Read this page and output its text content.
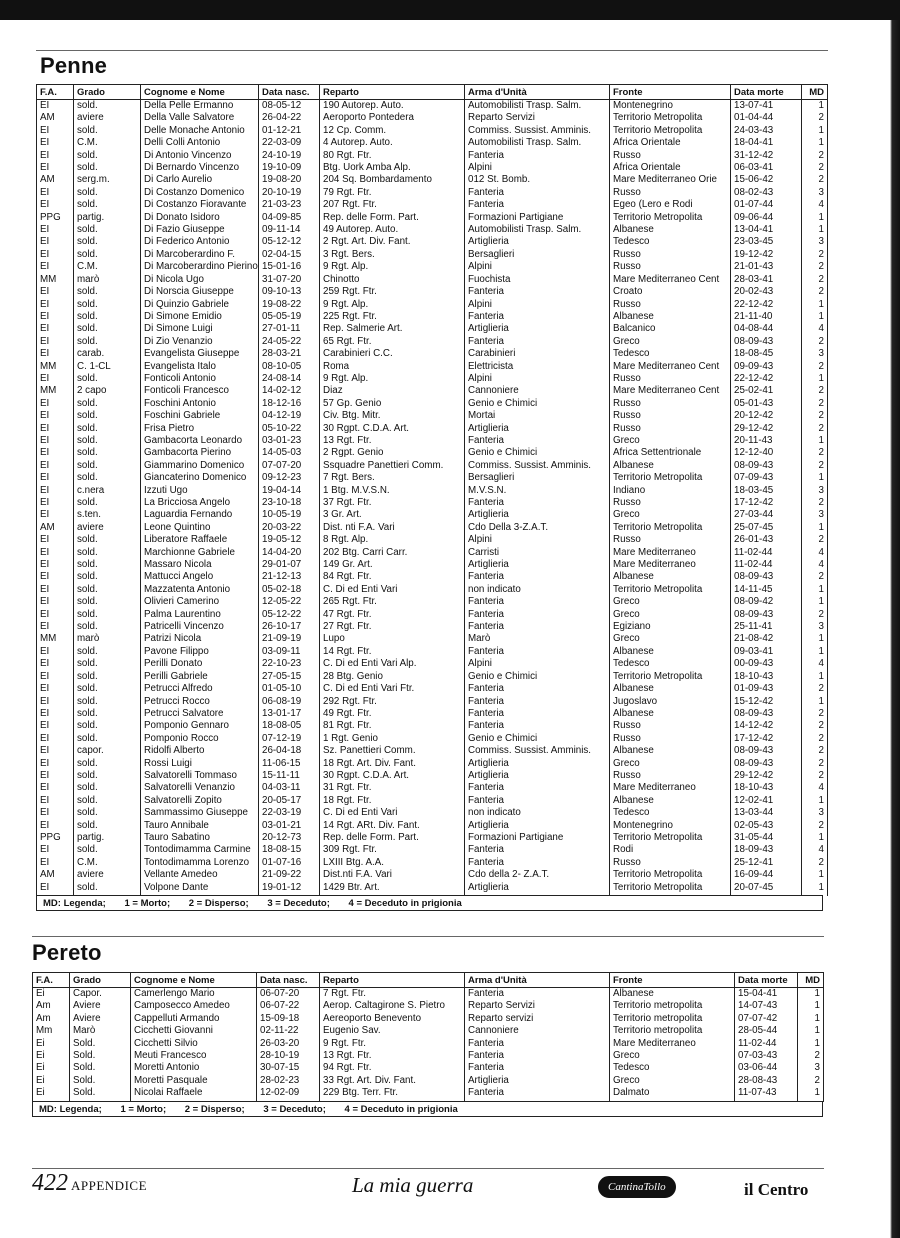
Penne
F.A.	Grado	Cognome e Nome	Data nasc.	Reparto	Arma d'Unità	Fronte	Data morte	MD
EI	sold.	Della Pelle Ermanno	08-05-12	190 Autorep. Auto.	Automobilisti Trasp. Salm.	Montenegrino	13-07-41	1
AM	aviere	Della Valle Salvatore	26-04-22	Aeroporto Pontedera	Reparto Servizi	Territorio Metropolita	01-04-44	2
EI	sold.	Delle Monache Antonio	01-12-21	12 Cp. Comm.	Commiss. Sussist. Amminis.	Territorio Metropolita	24-03-43	1
EI	C.M.	Delli Colli Antonio	22-03-09	4 Autorep. Auto.	Automobilisti Trasp. Salm.	Africa Orientale	18-04-41	1
EI	sold.	Di Antonio Vincenzo	24-10-19	80 Rgt. Ftr.	Fanteria	Russo	31-12-42	2
EI	sold.	Di Bernardo Vincenzo	19-10-09	Btg. Uork Amba Alp.	Alpini	Africa Orientale	06-03-41	2
AM	serg.m.	Di Carlo Aurelio	19-08-20	204 Sq. Bombardamento	012 St. Bomb.	Mare Mediterraneo Orie	15-06-42	2
EI	sold.	Di Costanzo Domenico	20-10-19	79 Rgt. Ftr.	Fanteria	Russo	08-02-43	3
EI	sold.	Di Costanzo Fioravante	21-03-23	207 Rgt. Ftr.	Fanteria	Egeo (Lero e Rodi	01-07-44	4
PPG	partig.	Di Donato Isidoro	04-09-85	Rep. delle Form. Part.	Formazioni Partigiane	Territorio Metropolita	09-06-44	1
EI	sold.	Di Fazio Giuseppe	09-11-14	49 Autorep. Auto.	Automobilisti Trasp. Salm.	Albanese	13-04-41	1
EI	sold.	Di Federico Antonio	05-12-12	2 Rgt. Art. Div. Fant.	Artiglieria	Tedesco	23-03-45	3
EI	sold.	Di Marcoberardino F.	02-04-15	3 Rgt. Bers.	Bersaglieri	Russo	19-12-42	2
EI	C.M.	Di Marcoberardino Pierino	15-01-16	9 Rgt. Alp.	Alpini	Russo	21-01-43	2
MM	marò	Di Nicola Ugo	31-07-20	Chinotto	Fuochista	Mare Mediterraneo Cent	28-03-41	2
EI	sold.	Di Norscia Giuseppe	09-10-13	259 Rgt. Ftr.	Fanteria	Croato	20-02-43	2
EI	sold.	Di Quinzio Gabriele	19-08-22	9 Rgt. Alp.	Alpini	Russo	22-12-42	1
EI	sold.	Di Simone Emidio	05-05-19	225 Rgt. Ftr.	Fanteria	Albanese	21-11-40	1
EI	sold.	Di Simone Luigi	27-01-11	Rep. Salmerie Art.	Artiglieria	Balcanico	04-08-44	4
EI	sold.	Di Zio Venanzio	24-05-22	65 Rgt. Ftr.	Fanteria	Greco	08-09-43	2
EI	carab.	Evangelista Giuseppe	28-03-21	Carabinieri C.C.	Carabinieri	Tedesco	18-08-45	3
MM	C. 1-CL	Evangelista Italo	08-10-05	Roma	Elettricista	Mare Mediterraneo Cent	09-09-43	2
EI	sold.	Fonticoli Antonio	24-08-14	9 Rgt. Alp.	Alpini	Russo	22-12-42	1
MM	2 capo	Fonticoli Francesco	14-02-12	Diaz	Cannoniere	Mare Mediterraneo Cent	25-02-41	2
EI	sold.	Foschini Antonio	18-12-16	57 Gp. Genio	Genio e Chimici	Russo	05-01-43	2
EI	sold.	Foschini Gabriele	04-12-19	Civ. Btg. Mitr.	Mortai	Russo	20-12-42	2
EI	sold.	Frisa Pietro	05-10-22	30 Rgpt. C.D.A. Art.	Artiglieria	Russo	29-12-42	2
EI	sold.	Gambacorta Leonardo	03-01-23	13 Rgt. Ftr.	Fanteria	Greco	20-11-43	1
EI	sold.	Gambacorta Pierino	14-05-03	2 Rgpt. Genio	Genio e Chimici	Africa Settentrionale	12-12-40	2
EI	sold.	Giammarino Domenico	07-07-20	Ssquadre Panettieri Comm.	Commiss. Sussist. Amminis.	Albanese	08-09-43	2
EI	sold.	Giancaterino Domenico	09-12-23	7 Rgt. Bers.	Bersaglieri	Territorio Metropolita	07-09-43	1
EI	c.nera	Izzuti Ugo	19-04-14	1 Btg. M.V.S.N.	M.V.S.N.	Indiano	18-03-45	3
EI	sold.	La Bricciosa Angelo	23-10-18	37 Rgt. Ftr.	Fanteria	Russo	17-12-42	2
EI	s.ten.	Laguardia Fernando	10-05-19	3 Gr. Art.	Artiglieria	Greco	27-03-44	3
AM	aviere	Leone Quintino	20-03-22	Dist. nti F.A. Vari	Cdo Della 3-Z.A.T.	Territorio Metropolita	25-07-45	1
EI	sold.	Liberatore Raffaele	19-05-12	8 Rgt. Alp.	Alpini	Russo	26-01-43	2
EI	sold.	Marchionne Gabriele	14-04-20	202 Btg. Carri Carr.	Carristi	Mare Mediterraneo	11-02-44	4
EI	sold.	Massaro Nicola	29-01-07	149 Gr. Art.	Artiglieria	Mare Mediterraneo	11-02-44	4
EI	sold.	Mattucci Angelo	21-12-13	84 Rgt. Ftr.	Fanteria	Albanese	08-09-43	2
EI	sold.	Mazzatenta Antonio	05-02-18	C. Di ed Enti Vari	non indicato	Territorio Metropolita	14-11-45	1
EI	sold.	Olivieri Camerino	12-05-22	265 Rgt. Ftr.	Fanteria	Greco	08-09-42	1
EI	sold.	Palma Laurentino	05-12-22	47 Rgt. Ftr.	Fanteria	Greco	08-09-43	2
EI	sold.	Patricelli Vincenzo	26-10-17	27 Rgt. Ftr.	Fanteria	Egiziano	25-11-41	3
MM	marò	Patrizi Nicola	21-09-19	Lupo	Marò	Greco	21-08-42	1
EI	sold.	Pavone Filippo	03-09-11	14 Rgt. Ftr.	Fanteria	Albanese	09-03-41	1
EI	sold.	Perilli Donato	22-10-23	C. Di ed Enti Vari Alp.	Alpini	Tedesco	00-09-43	4
EI	sold.	Perilli Gabriele	27-05-15	28 Btg. Genio	Genio e Chimici	Territorio Metropolita	18-10-43	1
EI	sold.	Petrucci Alfredo	01-05-10	C. Di ed Enti Vari Ftr.	Fanteria	Albanese	01-09-43	2
EI	sold.	Petrucci Rocco	06-08-19	292 Rgt. Ftr.	Fanteria	Jugoslavo	15-12-42	1
EI	sold.	Petrucci Salvatore	13-01-17	49 Rgt. Ftr.	Fanteria	Albanese	08-09-43	2
EI	sold.	Pomponio Gennaro	18-08-05	81 Rgt. Ftr.	Fanteria	Russo	14-12-42	2
EI	sold.	Pomponio Rocco	07-12-19	1 Rgt. Genio	Genio e Chimici	Russo	17-12-42	2
EI	capor.	Ridolfi Alberto	26-04-18	Sz. Panettieri Comm.	Commiss. Sussist. Amminis.	Albanese	08-09-43	2
EI	sold.	Rossi Luigi	11-06-15	18 Rgt. Art. Div. Fant.	Artiglieria	Greco	08-09-43	2
EI	sold.	Salvatorelli Tommaso	15-11-11	30 Rgpt. C.D.A. Art.	Artiglieria	Russo	29-12-42	2
EI	sold.	Salvatorelli Venanzio	04-03-11	31 Rgt. Ftr.	Fanteria	Mare Mediterraneo	18-10-43	4
EI	sold.	Salvatorelli Zopito	20-05-17	18 Rgt. Ftr.	Fanteria	Albanese	12-02-41	1
EI	sold.	Sammassimo Giuseppe	22-03-19	C. Di ed Enti Vari	non indicato	Tedesco	13-03-44	3
EI	sold.	Tauro Annibale	03-01-21	14 Rgt. ARt. Div. Fant.	Artiglieria	Montenegrino	02-05-43	2
PPG	partig.	Tauro Sabatino	20-12-73	Rep. delle Form. Part.	Formazioni Partigiane	Territorio Metropolita	31-05-44	1
EI	sold.	Tontodimamma Carmine	18-08-15	309 Rgt. Ftr.	Fanteria	Rodi	18-09-43	4
EI	C.M.	Tontodimamma Lorenzo	01-07-16	LXIII Btg. A.A.	Fanteria	Russo	25-12-41	2
AM	aviere	Vellante Amedeo	21-09-22	Dist.nti F.A. Vari	Cdo della 2- Z.A.T.	Territorio Metropolita	16-09-44	1
EI	sold.	Volpone Dante	19-01-12	1429 Btr. Art.	Artiglieria	Territorio Metropolita	20-07-45	1
MD: Legenda; 1 = Morto; 2 = Disperso; 3 = Deceduto; 4 = Deceduto in prigionia
Pereto
F.A.	Grado	Cognome e Nome	Data nasc.	Reparto	Arma d'Unità	Fronte	Data morte	MD
Ei	Capor.	Camerlengo Mario	06-07-20	7 Rgt. Ftr.	Fanteria	Albanese	15-04-41	1
Am	Aviere	Camposecco Amedeo	06-07-22	Aerop. Caltagirone S. Pietro	Reparto Servizi	Territorio metropolita	14-07-43	1
Am	Aviere	Cappelluti Armando	15-09-18	Aereoporto Benevento	Reparto servizi	Territorio metropolita	07-07-42	1
Mm	Marò	Cicchetti Giovanni	02-11-22	Eugenio Sav.	Cannoniere	Territorio metropolita	28-05-44	1
Ei	Sold.	Cicchetti Silvio	26-03-20	9 Rgt. Ftr.	Fanteria	Mare Mediterraneo	11-02-44	1
Ei	Sold.	Meuti Francesco	28-10-19	13 Rgt. Ftr.	Fanteria	Greco	07-03-43	2
Ei	Sold.	Moretti Antonio	30-07-15	94 Rgt. Ftr.	Fanteria	Tedesco	03-06-44	3
Ei	Sold.	Moretti Pasquale	28-02-23	33 Rgt. Art. Div. Fant.	Artiglieria	Greco	28-08-43	2
Ei	Sold.	Nicolai Raffaele	12-02-09	229 Btg. Terr. Ftr.	Fanteria	Dalmato	11-07-43	1
MD: Legenda; 1 = Morto; 2 = Disperso; 3 = Deceduto; 4 = Deceduto in prigionia
422 APPENDICE	La mia guerra	CantinaTollo	il Centro
